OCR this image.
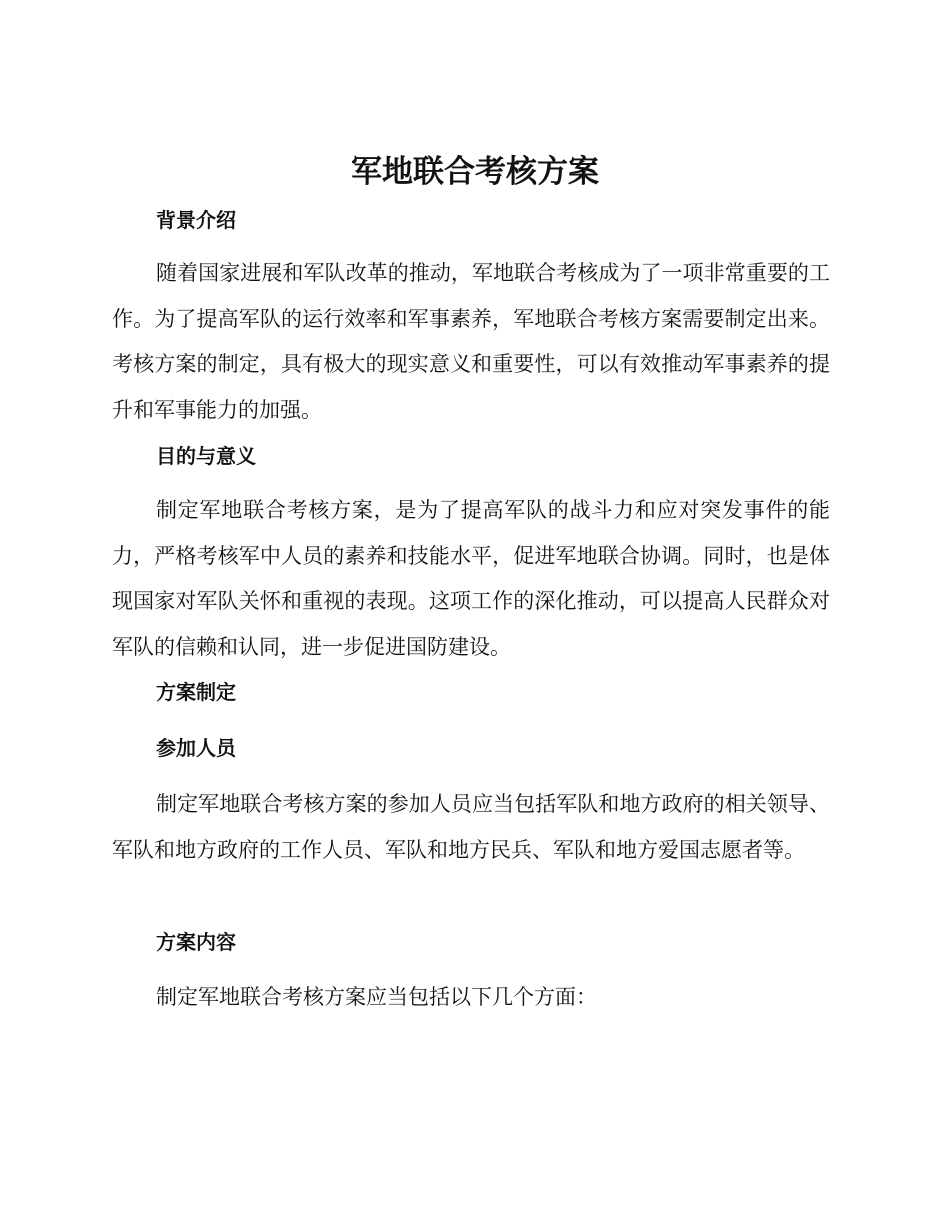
军地联合考核方案
背景介绍

随着国家进展和军队改革的推动，军地联合考核成为了一项非常重要的工作。为了提高军队的运行效率和军事素养，军地联合考核方案需要制定出来。考核方案的制定，具有极大的现实意义和重要性，可以有效推动军事素养的提升和军事能力的加强。

目的与意义

制定军地联合考核方案，是为了提高军队的战斗力和应对突发事件的能力，严格考核军中人员的素养和技能水平，促进军地联合协调。同时，也是体现国家对军队关怀和重视的表现。这项工作的深化推动，可以提高人民群众对军队的信赖和认同，进一步促进国防建设。

方案制定
参加人员

制定军地联合考核方案的参加人员应当包括军队和地方政府的相关领导、军队和地方政府的工作人员、军队和地方民兵、军队和地方爱国志愿者等。

方案内容

制定军地联合考核方案应当包括以下几个方面：
